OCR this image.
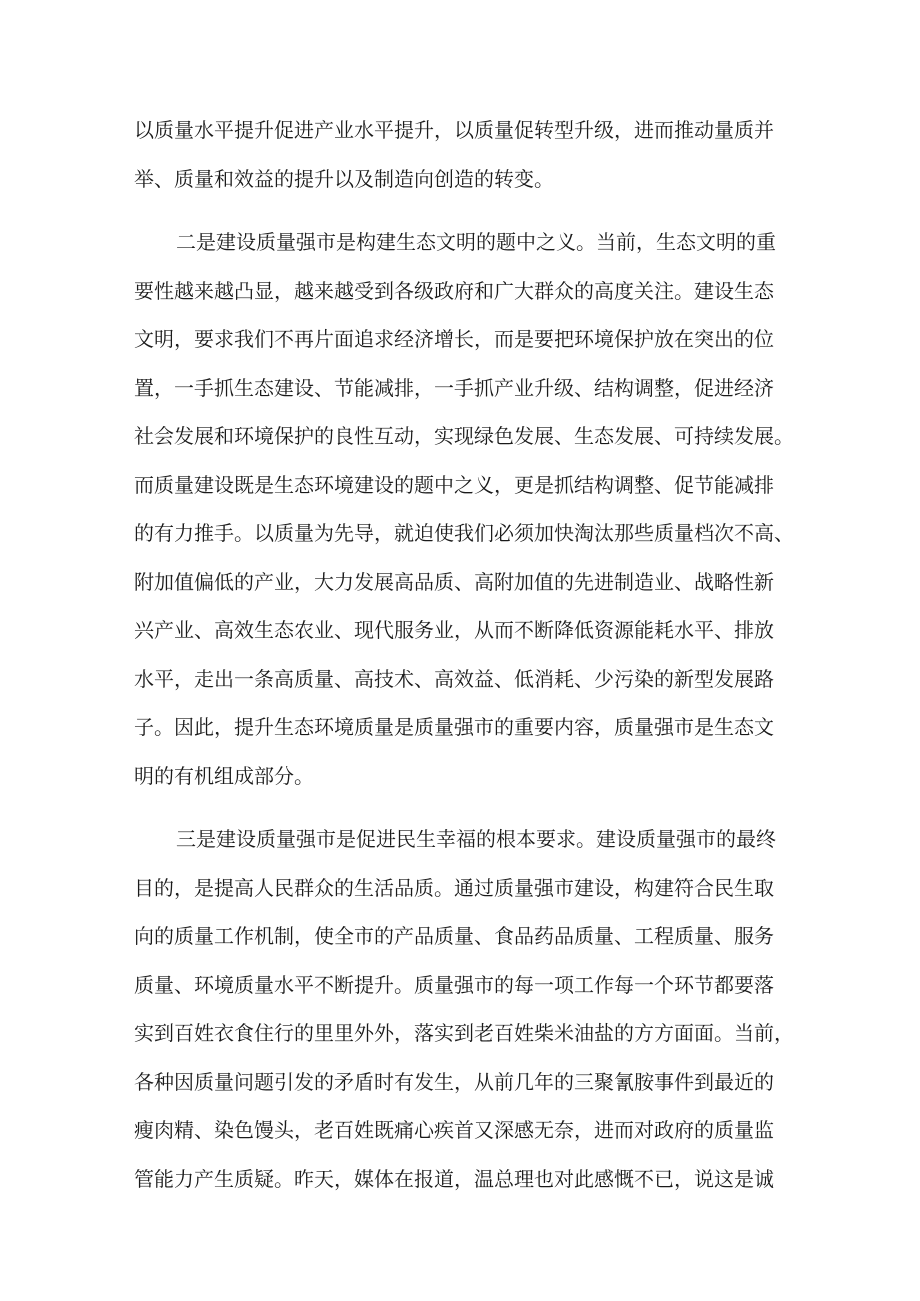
以质量水平提升促进产业水平提升，以质量促转型升级，进而推动量质并

举、质量和效益的提升以及制造向创造的转变。

二是建设质量强市是构建生态文明的题中之义。当前，生态文明的重

要性越来越凸显，越来越受到各级政府和广大群众的高度关注。建设生态

文明，要求我们不再片面追求经济增长，而是要把环境保护放在突出的位

置，一手抓生态建设、节能减排，一手抓产业升级、结构调整，促进经济

社会发展和环境保护的良性互动，实现绿色发展、生态发展、可持续发展。

而质量建设既是生态环境建设的题中之义，更是抓结构调整、促节能减排

的有力推手。以质量为先导，就迫使我们必须加快淘汰那些质量档次不高、

附加值偏低的产业，大力发展高品质、高附加值的先进制造业、战略性新

兴产业、高效生态农业、现代服务业，从而不断降低资源能耗水平、排放

水平，走出一条高质量、高技术、高效益、低消耗、少污染的新型发展路

子。因此，提升生态环境质量是质量强市的重要内容，质量强市是生态文

明的有机组成部分。

三是建设质量强市是促进民生幸福的根本要求。建设质量强市的最终

目的，是提高人民群众的生活品质。通过质量强市建设，构建符合民生取

向的质量工作机制，使全市的产品质量、食品药品质量、工程质量、服务

质量、环境质量水平不断提升。质量强市的每一项工作每一个环节都要落

实到百姓衣食住行的里里外外，落实到老百姓柴米油盐的方方面面。当前，

各种因质量问题引发的矛盾时有发生，从前几年的三聚氰胺事件到最近的

瘦肉精、染色馒头，老百姓既痛心疾首又深感无奈，进而对政府的质量监

管能力产生质疑。昨天，媒体在报道，温总理也对此感慨不已，说这是诚
